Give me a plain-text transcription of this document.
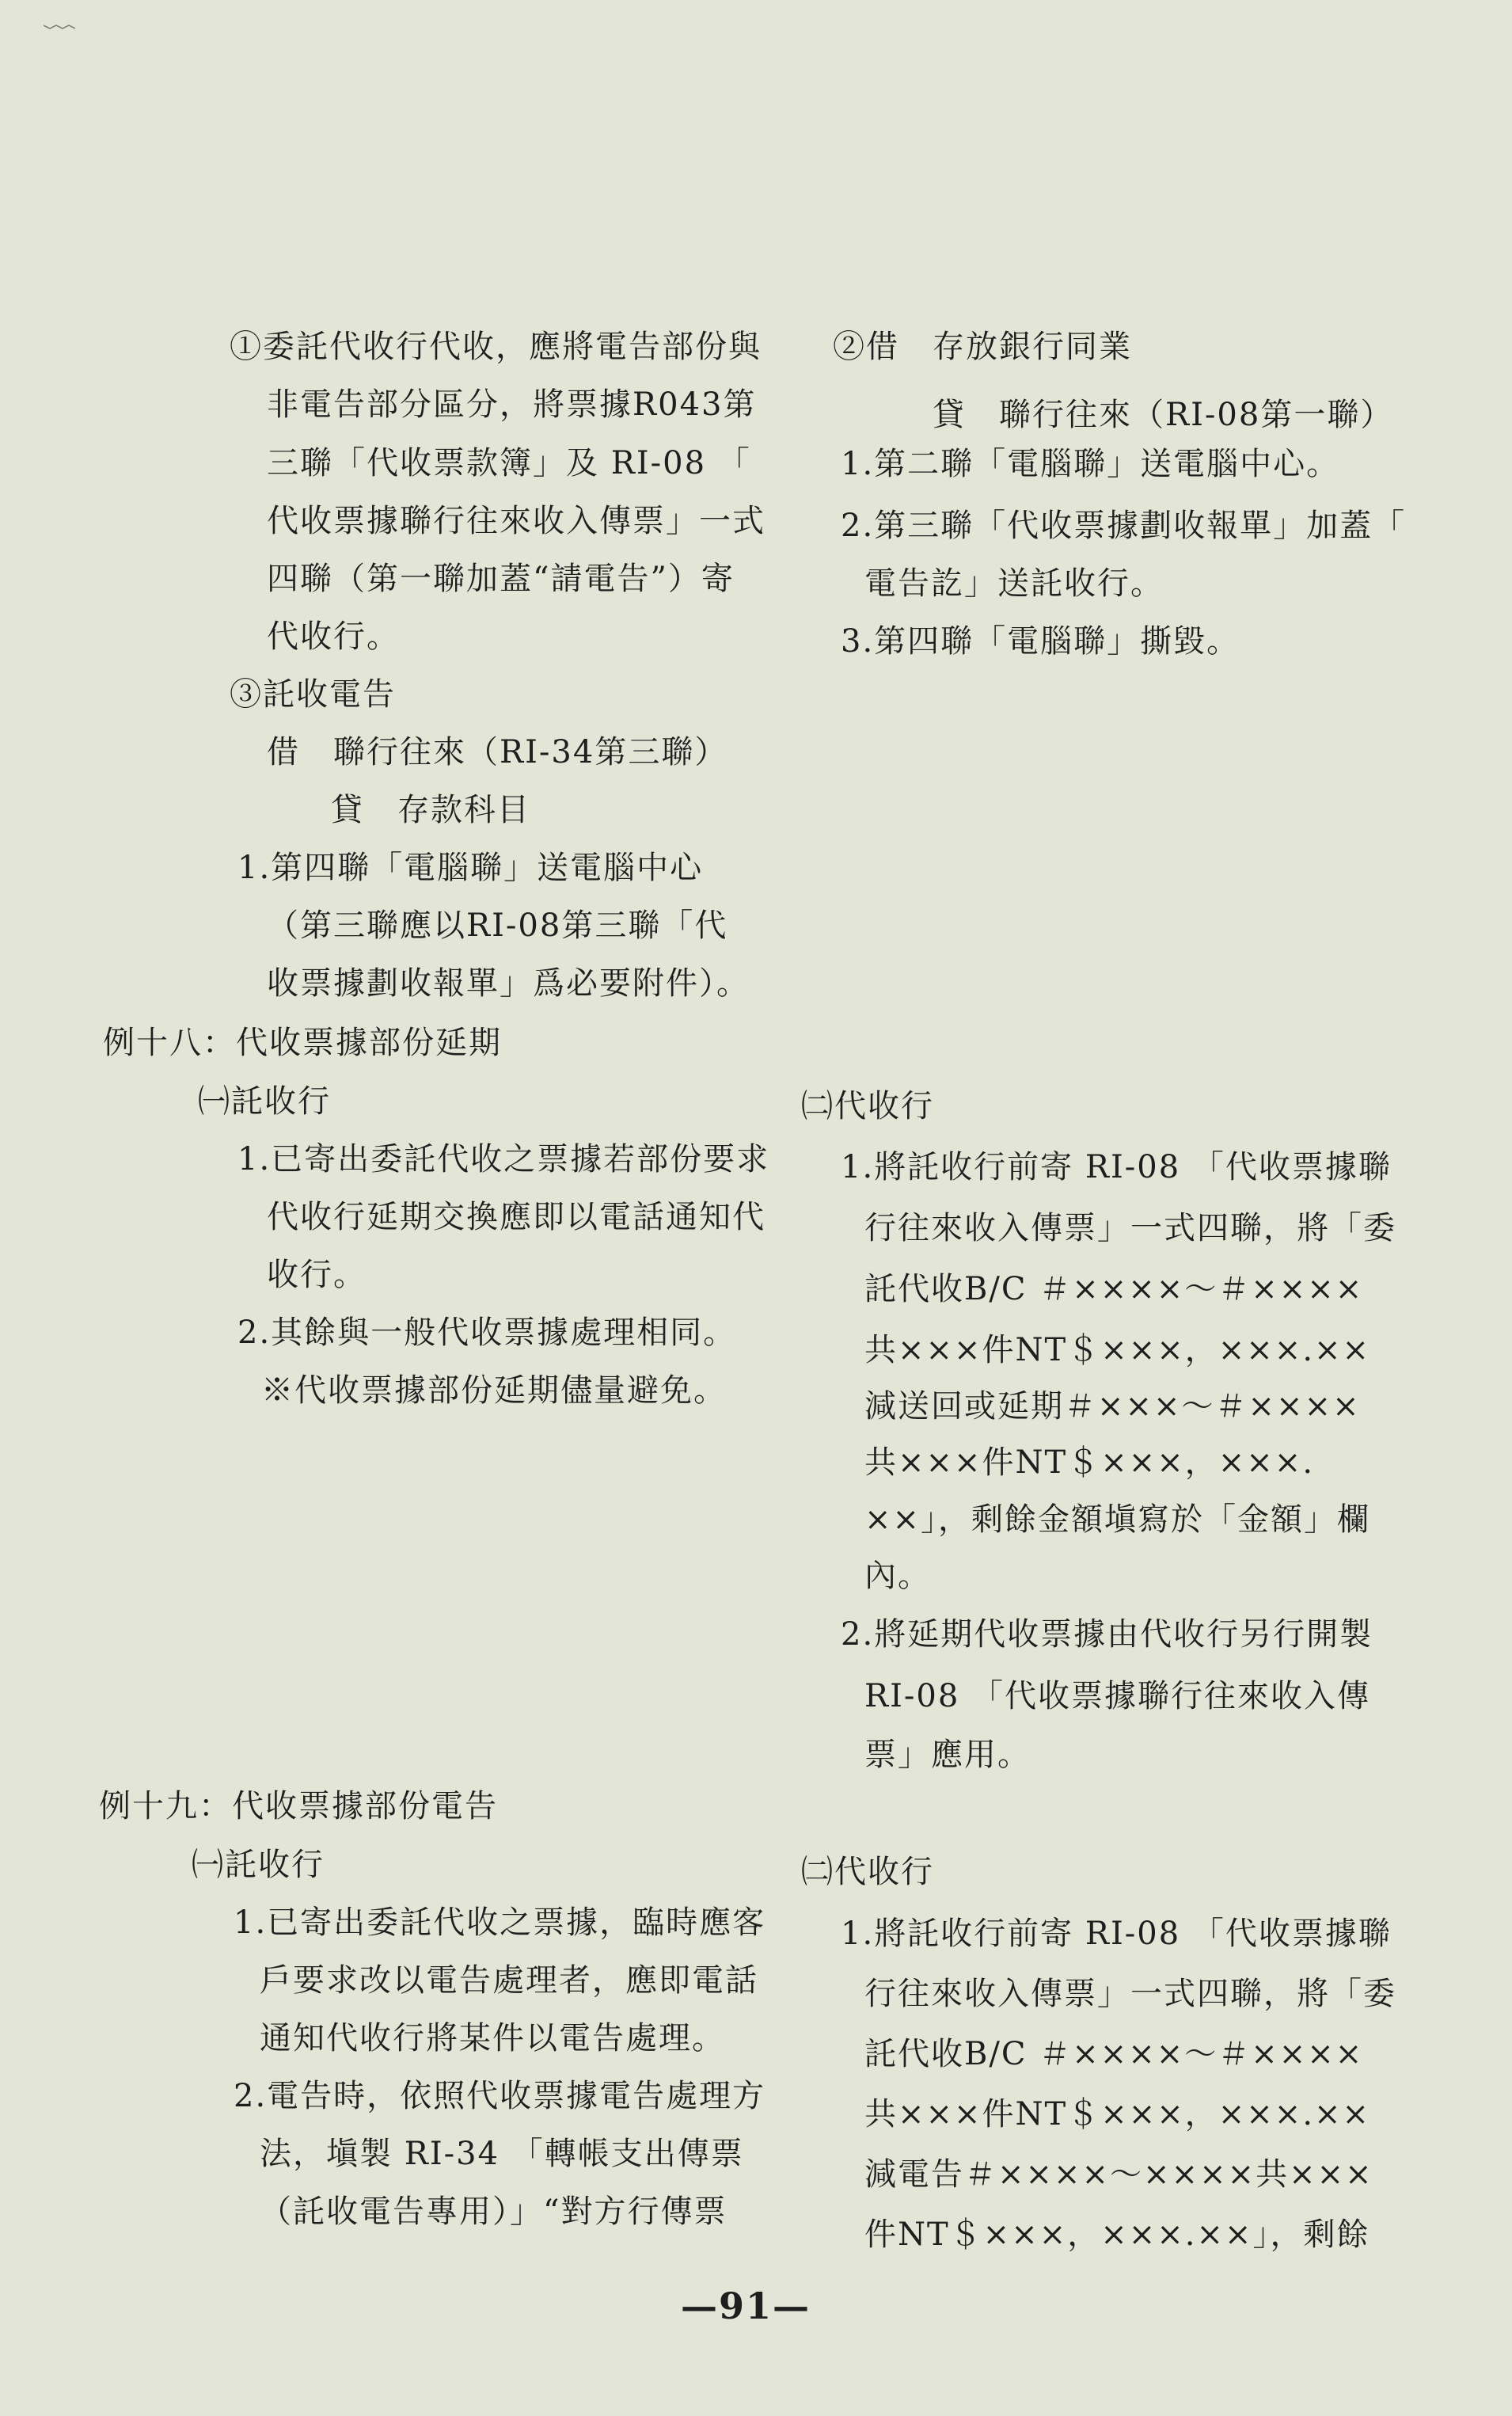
①委託代收行代收，應將電告部份與
非電告部分區分，將票據R043第
三聯「代收票款簿」及 RI-08 「
代收票據聯行往來收入傳票」一式
四聯（第一聯加蓋“請電告”）寄
代收行。
③託收電告
借　聯行往來（RI-34第三聯）
貸　存款科目
1.第四聯「電腦聯」送電腦中心
（第三聯應以RI-08第三聯「代
收票據劃收報單」爲必要附件）。
例十八：代收票據部份延期
㈠託收行
1.已寄出委託代收之票據若部份要求
代收行延期交換應即以電話通知代
收行。
2.其餘與一般代收票據處理相同。
※代收票據部份延期儘量避免。
例十九：代收票據部份電告
㈠託收行
1.已寄出委託代收之票據，臨時應客
戶要求改以電告處理者，應即電話
通知代收行將某件以電告處理。
2.電告時，依照代收票據電告處理方
法，塡製 RI-34 「轉帳支出傳票
（託收電告專用）」“對方行傳票
②借　存放銀行同業
貸　聯行往來（RI-08第一聯）
1.第二聯「電腦聯」送電腦中心。
2.第三聯「代收票據劃收報單」加蓋「
電告訖」送託收行。
3.第四聯「電腦聯」撕毀。
㈡代收行
1.將託收行前寄 RI-08 「代收票據聯
行往來收入傳票」一式四聯，將「委
託代收B/C ＃××××～＃××××
共×××件NT＄×××，×××.××
減送回或延期＃×××～＃××××
共×××件NT＄×××，×××.
××」，剩餘金額塡寫於「金額」欄
內。
2.將延期代收票據由代收行另行開製
RI-08 「代收票據聯行往來收入傳
票」應用。
㈡代收行
1.將託收行前寄 RI-08 「代收票據聯
行往來收入傳票」一式四聯，將「委
託代收B/C ＃××××～＃××××
共×××件NT＄×××，×××.××
減電告＃××××～××××共×××
件NT＄×××，×××.××」，剩餘
—91—
